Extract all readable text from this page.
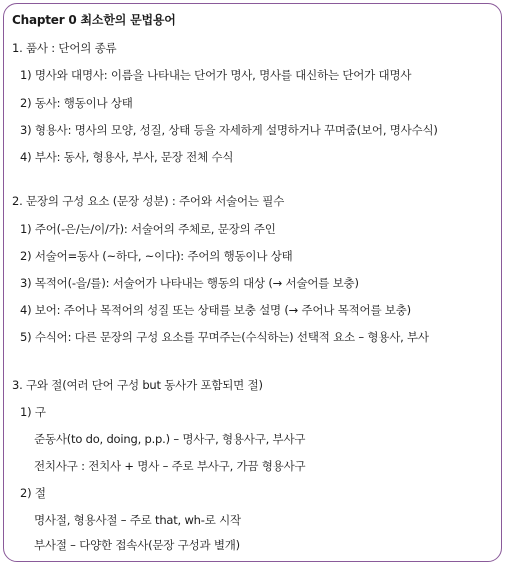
Chapter 0 최소한의 문법용어
1. 품사 : 단어의 종류
1) 명사와 대명사: 이름을 나타내는 단어가 명사, 명사를 대신하는 단어가 대명사
2) 동사: 행동이나 상태
3) 형용사: 명사의 모양, 성질, 상태 등을 자세하게 설명하거나 꾸며줌(보어, 명사수식)
4) 부사: 동사, 형용사, 부사, 문장 전체 수식
2. 문장의 구성 요소 (문장 성분) : 주어와 서술어는 필수
1) 주어(-은/는/이/가): 서술어의 주체로, 문장의 주인
2) 서술어=동사 (~하다, ~이다): 주어의 행동이나 상태
3) 목적어(-을/를): 서술어가 나타내는 행동의 대상 (→ 서술어를 보충)
4) 보어: 주어나 목적어의 성질 또는 상태를 보충 설명 (→ 주어나 목적어를 보충)
5) 수식어: 다른 문장의 구성 요소를 꾸며주는(수식하는) 선택적 요소 – 형용사, 부사
3. 구와 절(여러 단어 구성 but 동사가 포함되면 절)
1) 구
준동사(to do, doing, p.p.) – 명사구, 형용사구, 부사구
전치사구 : 전치사 + 명사 – 주로 부사구, 가끔 형용사구
2) 절
명사절, 형용사절 – 주로 that, wh-로 시작
부사절 – 다양한 접속사(문장 구성과 별개)
